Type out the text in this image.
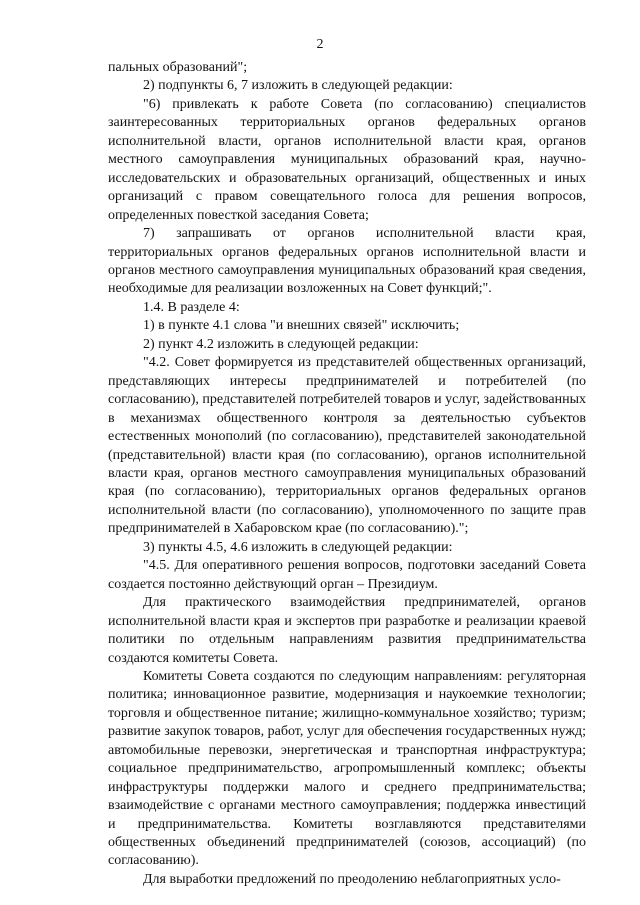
2

пальных образований";

2) подпункты 6, 7 изложить в следующей редакции:

"6) привлекать к работе Совета (по согласованию) специалистов заинтересованных территориальных органов федеральных органов исполнительной власти, органов исполнительной власти края, органов местного самоуправления муниципальных образований края, научно-исследовательских и образовательных организаций, общественных и иных организаций с правом совещательного голоса для решения вопросов, определенных повесткой заседания Совета;

7) запрашивать от органов исполнительной власти края, территориальных органов федеральных органов исполнительной власти и органов местного самоуправления муниципальных образований края сведения, необходимые для реализации возложенных на Совет функций;".

1.4. В разделе 4:

1) в пункте 4.1 слова "и внешних связей" исключить;

2) пункт 4.2 изложить в следующей редакции:

"4.2. Совет формируется из представителей общественных организаций, представляющих интересы предпринимателей и потребителей (по согласованию), представителей потребителей товаров и услуг, задействованных в механизмах общественного контроля за деятельностью субъектов естественных монополий (по согласованию), представителей законодательной (представительной) власти края (по согласованию), органов исполнительной власти края, органов местного самоуправления муниципальных образований края (по согласованию), территориальных органов федеральных органов исполнительной власти (по согласованию), уполномоченного по защите прав предпринимателей в Хабаровском крае (по согласованию).";

3) пункты 4.5, 4.6 изложить в следующей редакции:

"4.5. Для оперативного решения вопросов, подготовки заседаний Совета создается постоянно действующий орган – Президиум.

Для практического взаимодействия предпринимателей, органов исполнительной власти края и экспертов при разработке и реализации краевой политики по отдельным направлениям развития предпринимательства создаются комитеты Совета.

Комитеты Совета создаются по следующим направлениям: регуляторная политика; инновационное развитие, модернизация и наукоемкие технологии; торговля и общественное питание; жилищно-коммунальное хозяйство; туризм; развитие закупок товаров, работ, услуг для обеспечения государственных нужд; автомобильные перевозки, энергетическая и транспортная инфраструктура; социальное предпринимательство, агропромышленный комплекс; объекты инфраструктуры поддержки малого и среднего предпринимательства; взаимодействие с органами местного самоуправления; поддержка инвестиций и предпринимательства. Комитеты возглавляются представителями общественных объединений предпринимателей (союзов, ассоциаций) (по согласованию).

Для выработки предложений по преодолению неблагоприятных усло-
